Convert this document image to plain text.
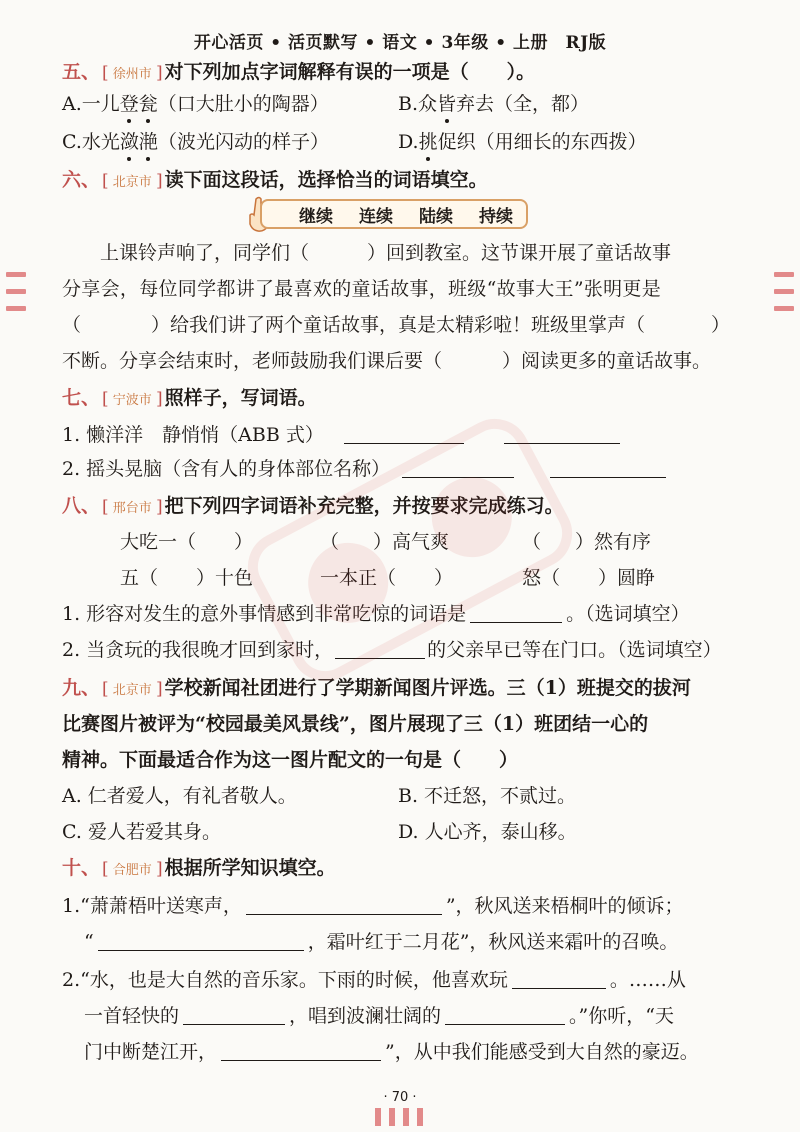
开心活页 • 活页默写 • 语文 • 3年级 • 上册　RJ版
五、 [ 徐州市 ] 对下列加点字词解释有误的一项是（　　）。
A.一儿登瓮（口大肚小的陶器）	B.众皆弃去（全，都）
C.水光潋滟（波光闪动的样子）	D.挑促织（用细长的东西拨）
六、 [ 北京市 ] 读下面这段话，选择恰当的词语填空。
继续 连续 陆续 持续
上课铃声响了，同学们（	）回到教室。这节课开展了童话故事
分享会，每位同学都讲了最喜欢的童话故事，班级“故事大王”张明更是
（	）给我们讲了两个童话故事，真是太精彩啦！班级里掌声（	）
不断。分享会结束时，老师鼓励我们课后要（	）阅读更多的童话故事。
七、 [ 宁波市 ] 照样子，写词语。
1. 懒洋洋　静悄悄（ABB 式）
2. 摇头晃脑（含有人的身体部位名称）
八、 [ 邢台市 ] 把下列四字词语补充完整，并按要求完成练习。
大吃一（ ）	（ ）高气爽	（ ）然有序
五（ ）十色	一本正（ ）	怒（ ）圆睁
1. 形容对发生的意外事情感到非常吃惊的词语是	。（选词填空）
2. 当贪玩的我很晚才回到家时，	的父亲早已等在门口。（选词填空）
九、 [ 北京市 ] 学校新闻社团进行了学期新闻图片评选。三（1）班提交的拔河
比赛图片被评为“校园最美风景线”，图片展现了三（1）班团结一心的
精神。下面最适合作为这一图片配文的一句是（　　）
A. 仁者爱人，有礼者敬人。	B. 不迁怒，不贰过。
C. 爱人若爱其身。	D. 人心齐，泰山移。
十、 [ 合肥市 ] 根据所学知识填空。
1.“萧萧梧叶送寒声，	”，秋风送来梧桐叶的倾诉；
“	，霜叶红于二月花”，秋风送来霜叶的召唤。
2.“水，也是大自然的音乐家。下雨的时候，他喜欢玩	。……从
一首轻快的	，唱到波澜壮阔的	。”你听，“天
门中断楚江开，	”，从中我们能感受到大自然的豪迈。
· 70 ·
